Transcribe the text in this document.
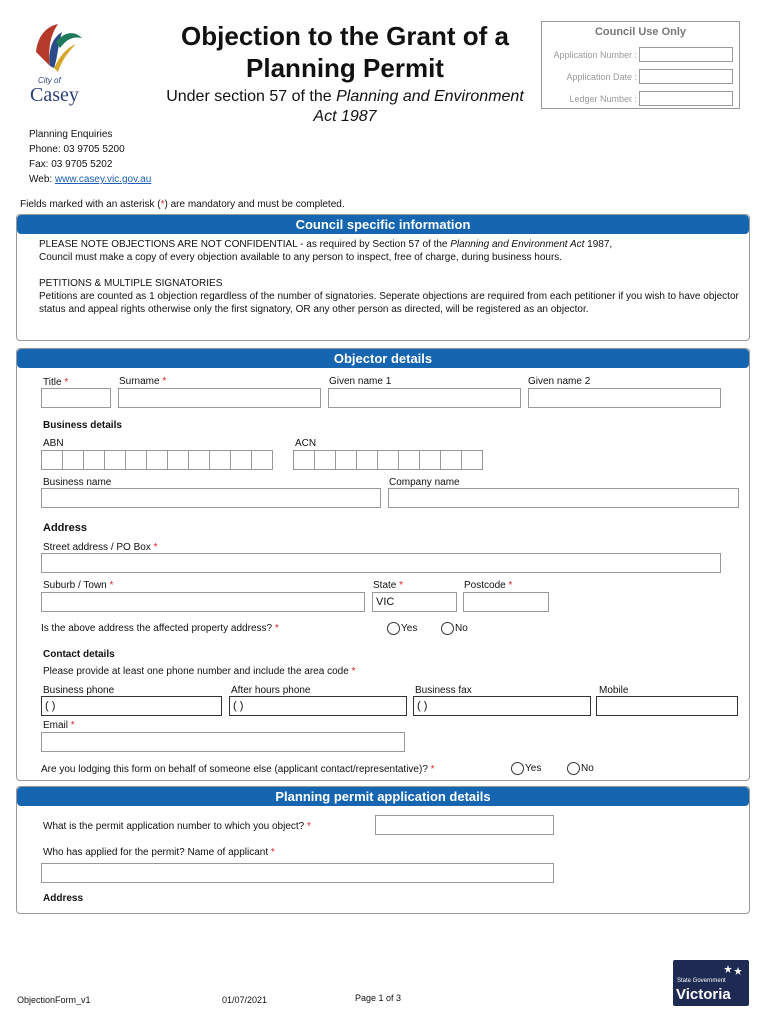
City of
Casey
Objection to the Grant of a Planning Permit
Under section 57 of the Planning and Environment Act 1987
Council Use Only
Application Number :
Application Date :
Ledger Number :
Planning Enquiries
Phone: 03 9705 5200
Fax: 03 9705 5202
Web: www.casey.vic.gov.au
Fields marked with an asterisk (*) are mandatory and must be completed.
Council specific information
PLEASE NOTE OBJECTIONS ARE NOT CONFIDENTIAL - as required by Section 57 of the Planning and Environment Act 1987,
Council must make a copy of every objection available to any person to inspect, free of charge, during business hours.
PETITIONS & MULTIPLE SIGNATORIES
Petitions are counted as 1 objection regardless of the number of signatories. Seperate objections are required from each petitioner if you wish to have objector status and appeal rights otherwise only the first signatory, OR any other person as directed, will be registered as an objector.
Objector details
Title *	Surname *	Given name 1	Given name 2
Business details
ABN	ACN
Business name	Company name
Address
Street address / PO Box *
Suburb / Town *	State *	Postcode *
VIC
Is the above address the affected property address? *	Yes	No
Contact details
Please provide at least one phone number and include the area code *
Business phone	After hours phone	Business fax	Mobile
( )	( )	( )
Email *
Are you lodging this form on behalf of someone else (applicant contact/representative)? *	Yes	No
Planning permit application details
What is the permit application number to which you object? *
Who has applied for the permit? Name of applicant *
Address
ObjectionForm_v1	01/07/2021	Page 1 of 3
State Government
Victoria
